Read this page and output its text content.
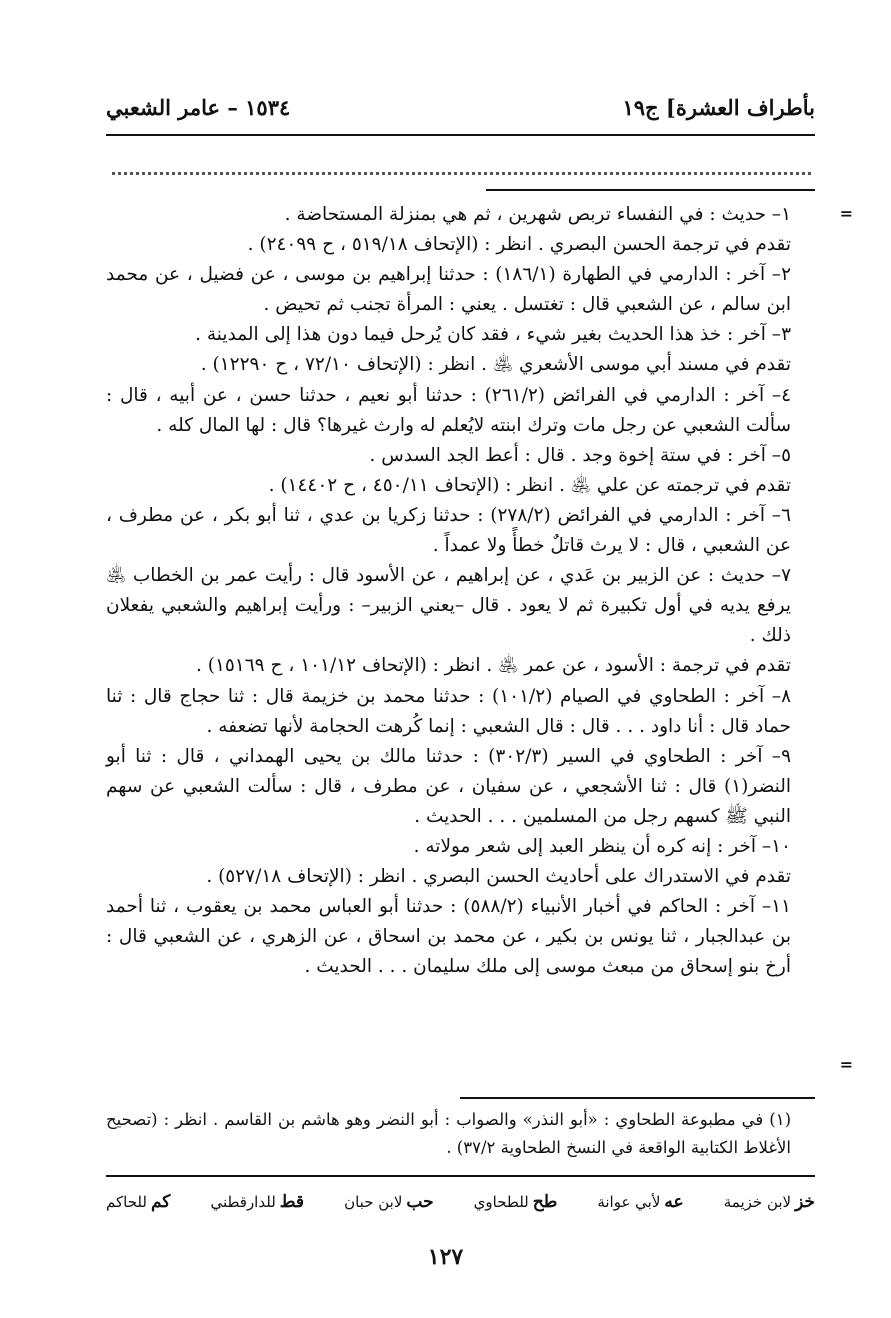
بأطراف العشرة] ج١٩
١٥٣٤ – عامر الشعبي
=
=

١– حديث : في النفساء تربص شهرين ، ثم هي بمنزلة المستحاضة .

تقدم في ترجمة الحسن البصري . انظر : (الإتحاف ٥١٩/١٨ ، ح ٢٤٠٩٩) .

٢– آخر : الدارمي في الطهارة (١٨٦/١) : حدثنا إبراهيم بن موسى ، عن فضيل ، عن محمد ابن سالم ، عن الشعبي قال : تغتسل . يعني : المرأة تجنب ثم تحيض .

٣– آخر : خذ هذا الحديث بغير شيء ، فقد كان يُرحل فيما دون هذا إلى المدينة .

تقدم في مسند أبي موسى الأشعري ﵁ . انظر : (الإتحاف ٧٢/١٠ ، ح ١٢٢٩٠) .

٤– آخر : الدارمي في الفرائض (٢٦١/٢) : حدثنا أبو نعيم ، حدثنا حسن ، عن أبيه ، قال : سألت الشعبي عن رجل مات وترك ابنته لايُعلم له وارث غيرها؟ قال : لها المال كله .

٥– آخر : في ستة إخوة وجد . قال : أعط الجد السدس .

تقدم في ترجمته عن علي ﵁ . انظر : (الإتحاف ٤٥٠/١١ ، ح ١٤٤٠٢) .

٦– آخر : الدارمي في الفرائض (٢٧٨/٢) : حدثنا زكريا بن عدي ، ثنا أبو بكر ، عن مطرف ، عن الشعبي ، قال : لا يرث قاتلٌ خطأً ولا عمداً .

٧– حديث : عن الزبير بن عَدي ، عن إبراهيم ، عن الأسود قال : رأيت عمر بن الخطاب ﵁ يرفع يديه في أول تكبيرة ثم لا يعود . قال –يعني الزبير– : ورأيت إبراهيم والشعبي يفعلان ذلك .

تقدم في ترجمة : الأسود ، عن عمر ﵁ . انظر : (الإتحاف ١٠١/١٢ ، ح ١٥١٦٩) .

٨– آخر : الطحاوي في الصيام (١٠١/٢) : حدثنا محمد بن خزيمة قال : ثنا حجاج قال : ثنا حماد قال : أنا داود . . . قال : قال الشعبي : إنما كُرهت الحجامة لأنها تضعفه .

٩– آخر : الطحاوي في السير (٣٠٢/٣) : حدثنا مالك بن يحيى الهمداني ، قال : ثنا أبو النضر(١) قال : ثنا الأشجعي ، عن سفيان ، عن مطرف ، قال : سألت الشعبي عن سهم النبي ﷺ كسهم رجل من المسلمين . . . الحديث .

١٠– آخر : إنه كره أن ينظر العبد إلى شعر مولاته .

تقدم في الاستدراك على أحاديث الحسن البصري . انظر : (الإتحاف ٥٢٧/١٨) .

١١– آخر : الحاكم في أخبار الأنبياء (٥٨٨/٢) : حدثنا أبو العباس محمد بن يعقوب ، ثنا أحمد بن عبدالجبار ، ثنا يونس بن بكير ، عن محمد بن اسحاق ، عن الزهري ، عن الشعبي قال : أرخ بنو إسحاق من مبعث موسى إلى ملك سليمان . . . الحديث .

(١) في مطبوعة الطحاوي : «أبو النذر» والصواب : أبو النضر وهو هاشم بن القاسم . انظر : (تصحيح الأغلاط الكتابية الواقعة في النسخ الطحاوية ٣٧/٢) .

خز
لابن خزيمة
عه
لأبي عوانة
طح
للطحاوي
حب
لابن حبان
قط
للدارقطني
كم
للحاكم
١٢٧
